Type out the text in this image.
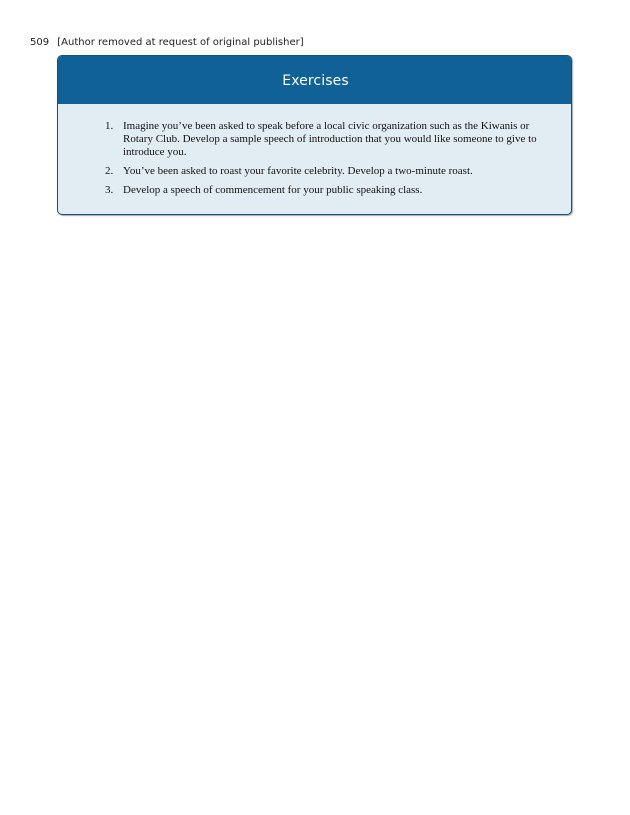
509 [Author removed at request of original publisher]
Exercises
1. Imagine you’ve been asked to speak before a local civic organization such as the Kiwanis or Rotary Club. Develop a sample speech of introduction that you would like someone to give to introduce you.
2. You’ve been asked to roast your favorite celebrity. Develop a two-minute roast.
3. Develop a speech of commencement for your public speaking class.
